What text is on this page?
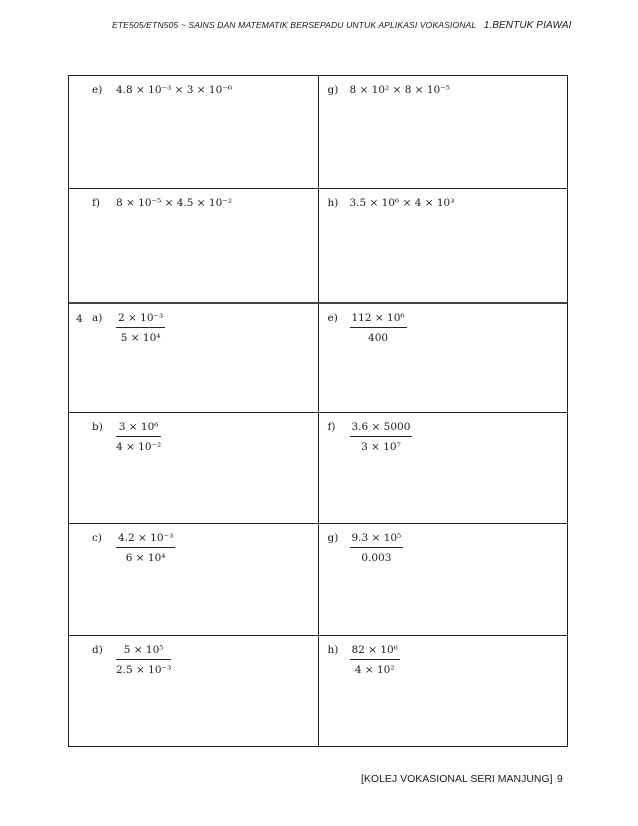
ETE505/ETN505 ~ SAINS DAN MATEMATIK BERSEPADU UNTUK APLIKASI VOKASIONAL 1.BENTUK PIAWAI
e) 4.8 × 10⁻³ × 3 × 10⁻⁶	g) 8 × 10² × 8 × 10⁻⁵
f) 8 × 10⁻⁵ × 4.5 × 10⁻²	h) 3.5 × 10⁶ × 4 × 10³
4 $a) \frac{\text{2 × 10⁻³}}{\text{5 × 10⁴}}$	$e) \frac{\text{112 × 10⁶}}{400}$
$b) \frac{\text{3 × 10⁶}}{\text{4 × 10⁻²}}$	$f) \frac{3.6 \times 5000}{\text{3 × 10⁷}}$
$c) \frac{\text{4.2 × 10⁻³}}{\text{6 × 10⁴}}$	$g) \frac{\text{9.3 × 10⁵}}{0.003}$
$d) \frac{\text{5 × 10⁵}}{\text{2.5 × 10⁻³}}$	$h) \frac{\text{82 × 10⁶}}{\text{4 × 10²}}$
[KOLEJ VOKASIONAL SERI MANJUNG] 9
